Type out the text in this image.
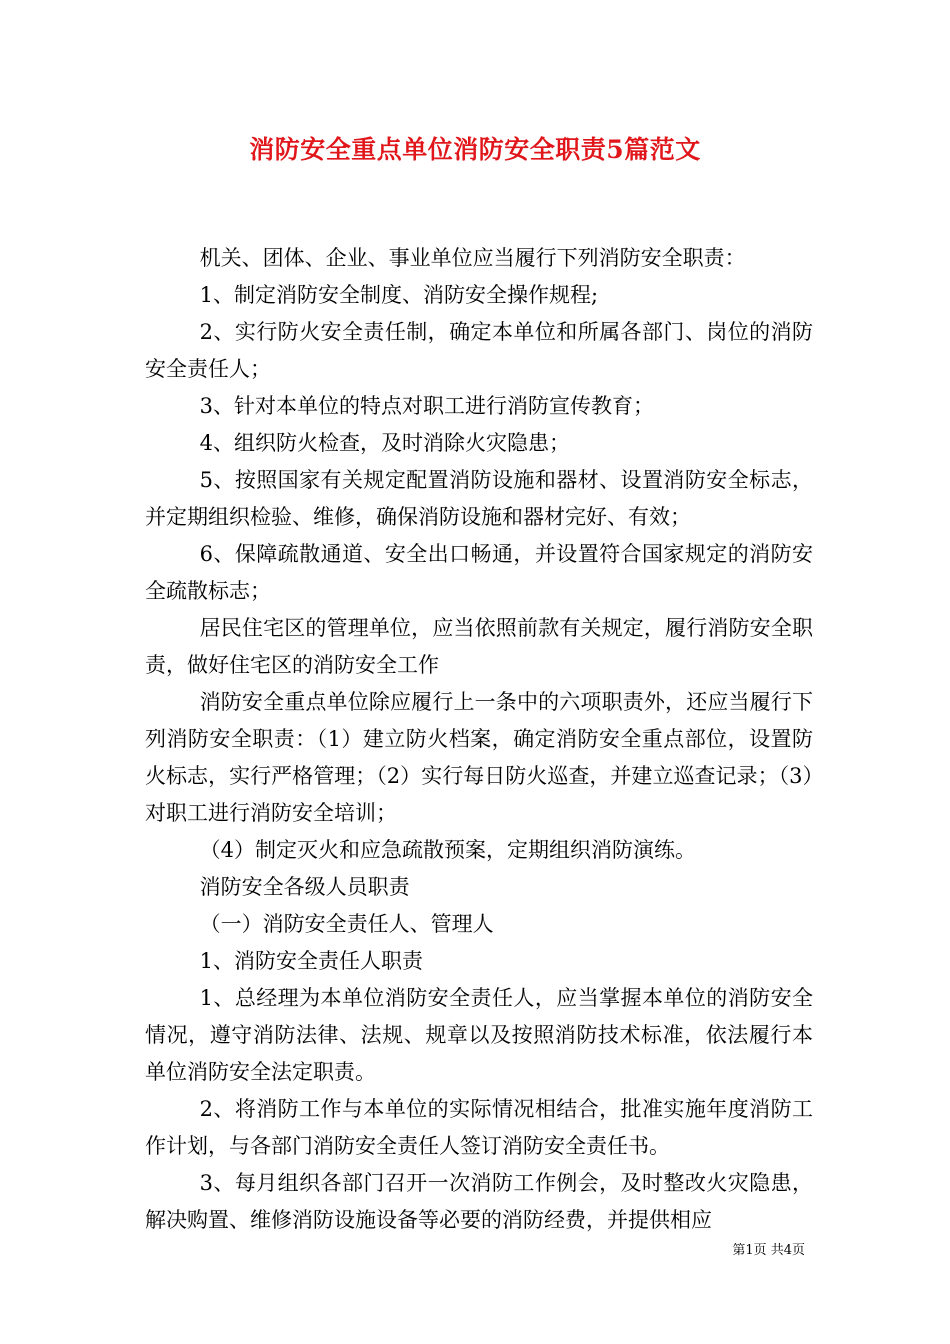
消防安全重点单位消防安全职责5篇范文

机关、团体、企业、事业单位应当履行下列消防安全职责：

1、制定消防安全制度、消防安全操作规程;

2、实行防火安全责任制，确定本单位和所属各部门、岗位的消防安全责任人；

3、针对本单位的特点对职工进行消防宣传教育；

4、组织防火检查，及时消除火灾隐患；

5、按照国家有关规定配置消防设施和器材、设置消防安全标志，并定期组织检验、维修，确保消防设施和器材完好、有效；

6、保障疏散通道、安全出口畅通，并设置符合国家规定的消防安全疏散标志；

居民住宅区的管理单位，应当依照前款有关规定，履行消防安全职责，做好住宅区的消防安全工作

消防安全重点单位除应履行上一条中的六项职责外，还应当履行下列消防安全职责：（1）建立防火档案，确定消防安全重点部位，设置防火标志，实行严格管理；（2）实行每日防火巡查，并建立巡查记录；（3）对职工进行消防安全培训；

（4）制定灭火和应急疏散预案，定期组织消防演练。

消防安全各级人员职责

（一）消防安全责任人、管理人

1、消防安全责任人职责

1、总经理为本单位消防安全责任人，应当掌握本单位的消防安全情况，遵守消防法律、法规、规章以及按照消防技术标准，依法履行本单位消防安全法定职责。

2、将消防工作与本单位的实际情况相结合，批准实施年度消防工作计划，与各部门消防安全责任人签订消防安全责任书。

3、每月组织各部门召开一次消防工作例会，及时整改火灾隐患，解决购置、维修消防设施设备等必要的消防经费，并提供相应

第1页 共4页
